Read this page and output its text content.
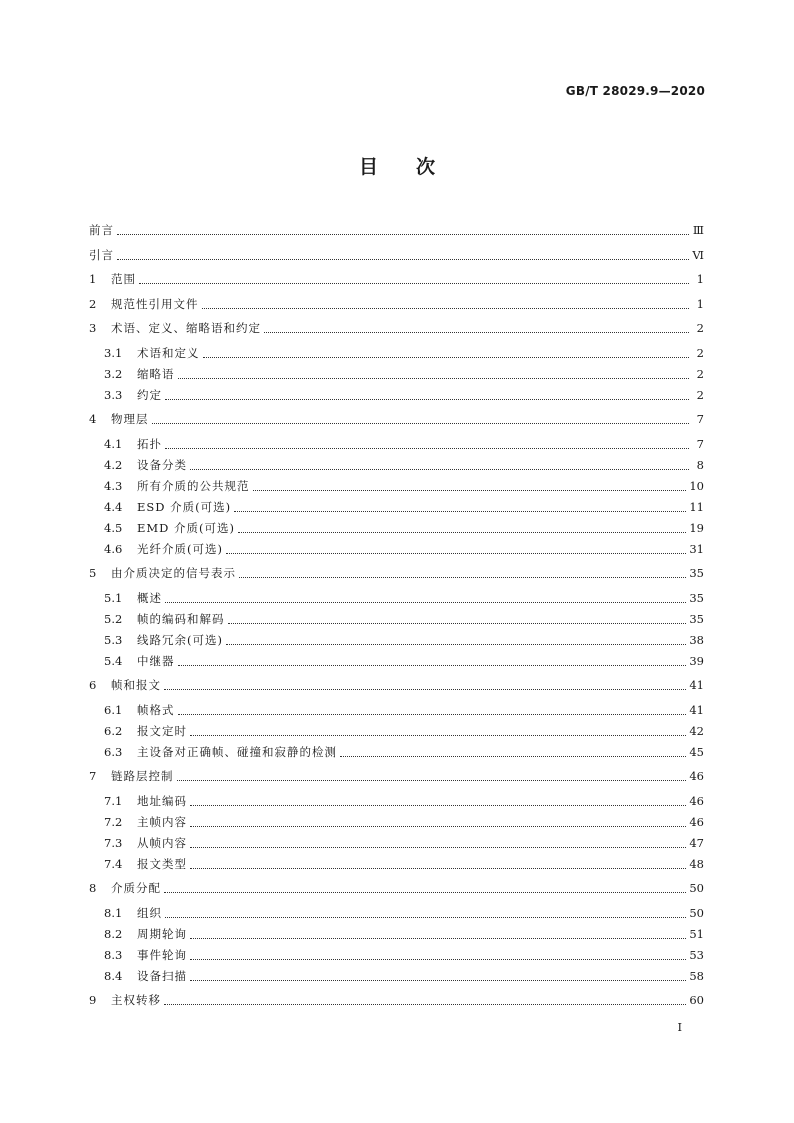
GB/T 28029.9—2020
目次
前言	Ⅲ
引言	Ⅵ
1	范围	1
2	规范性引用文件	1
3	术语、定义、缩略语和约定	2
3.1	术语和定义	2
3.2	缩略语	2
3.3	约定	2
4	物理层	7
4.1	拓扑	7
4.2	设备分类	8
4.3	所有介质的公共规范	10
4.4	ESD 介质(可选)	11
4.5	EMD 介质(可选)	19
4.6	光纤介质(可选)	31
5	由介质决定的信号表示	35
5.1	概述	35
5.2	帧的编码和解码	35
5.3	线路冗余(可选)	38
5.4	中继器	39
6	帧和报文	41
6.1	帧格式	41
6.2	报文定时	42
6.3	主设备对正确帧、碰撞和寂静的检测	45
7	链路层控制	46
7.1	地址编码	46
7.2	主帧内容	46
7.3	从帧内容	47
7.4	报文类型	48
8	介质分配	50
8.1	组织	50
8.2	周期轮询	51
8.3	事件轮询	53
8.4	设备扫描	58
9	主权转移	60
I
